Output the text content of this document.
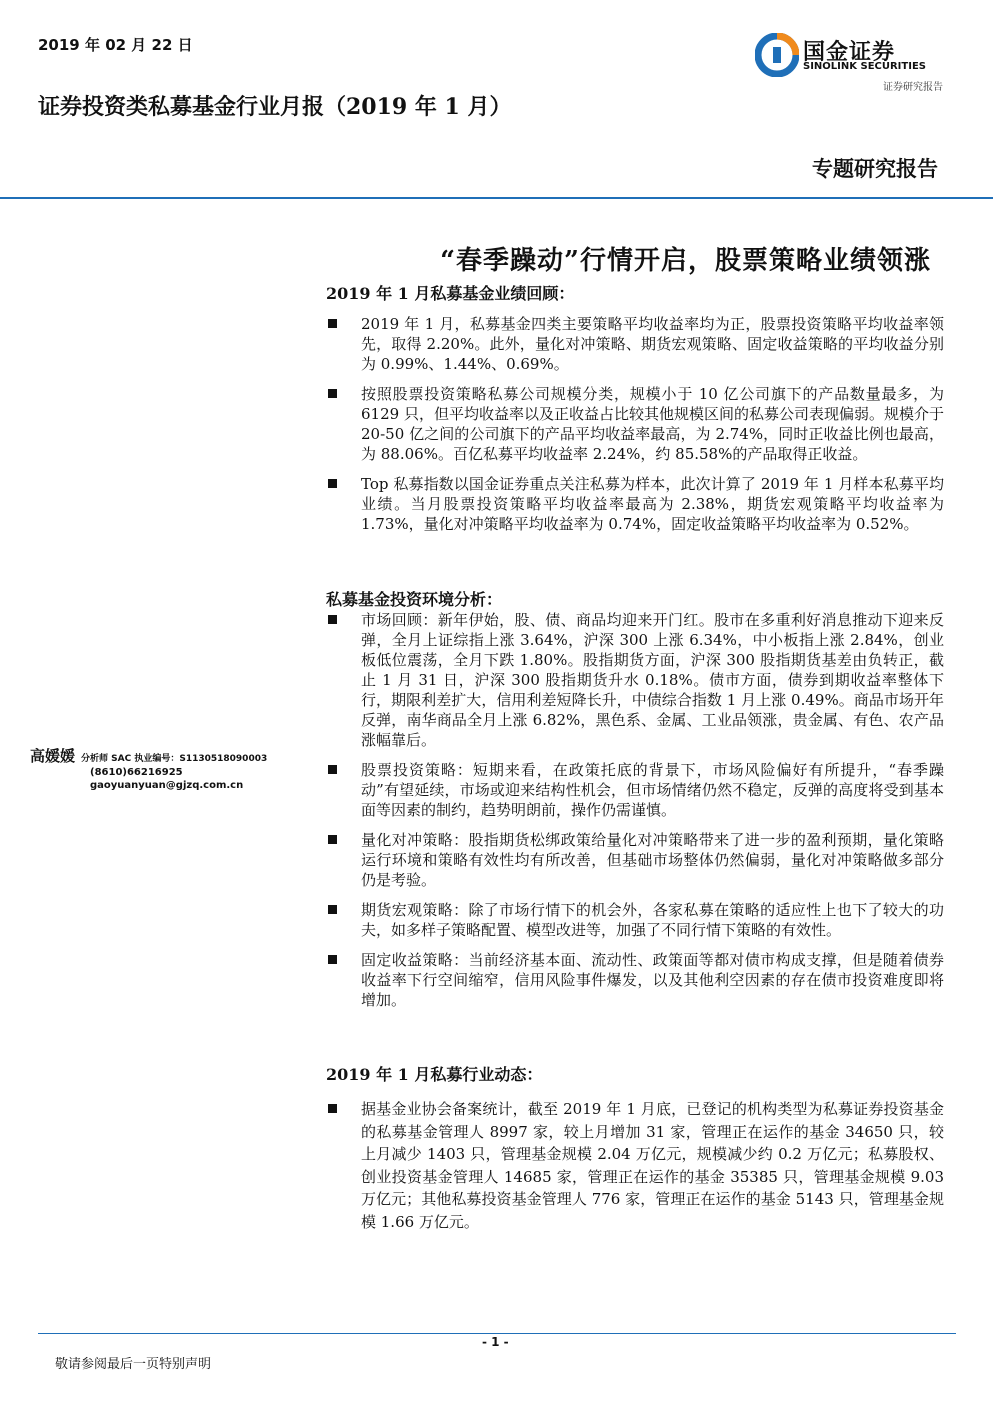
2019 年 02 月 22 日	国金证券
SINOLINK SECURITIES
证券研究报告
证券投资类私募基金行业月报（2019 年 1 月）
专题研究报告
“春季躁动”行情开启，股票策略业绩领涨
2019 年 1 月私募基金业绩回顾：
2019 年 1 月，私募基金四类主要策略平均收益率均为正，股票投资策略平均收益率领先，取得 2.20%。此外，量化对冲策略、期货宏观策略、固定收益策略的平均收益分别为 0.99%、1.44%、0.69%。
按照股票投资策略私募公司规模分类，规模小于 10 亿公司旗下的产品数量最多，为 6129 只，但平均收益率以及正收益占比较其他规模区间的私募公司表现偏弱。规模介于 20-50 亿之间的公司旗下的产品平均收益率最高，为 2.74%，同时正收益比例也最高，为 88.06%。百亿私募平均收益率 2.24%，约 85.58%的产品取得正收益。
Top 私募指数以国金证券重点关注私募为样本，此次计算了 2019 年 1 月样本私募平均业绩。当月股票投资策略平均收益率最高为 2.38%，期货宏观策略平均收益率为 1.73%，量化对冲策略平均收益率为 0.74%，固定收益策略平均收益率为 0.52%。
私募基金投资环境分析：
市场回顾：新年伊始，股、债、商品均迎来开门红。股市在多重利好消息推动下迎来反弹，全月上证综指上涨 3.64%，沪深 300 上涨 6.34%，中小板指上涨 2.84%，创业板低位震荡，全月下跌 1.80%。股指期货方面，沪深 300 股指期货基差由负转正，截止 1 月 31 日，沪深 300 股指期货升水 0.18%。债市方面，债券到期收益率整体下行，期限利差扩大，信用利差短降长升，中债综合指数 1 月上涨 0.49%。商品市场开年反弹，南华商品全月上涨 6.82%，黑色系、金属、工业品领涨，贵金属、有色、农产品涨幅靠后。
股票投资策略：短期来看，在政策托底的背景下，市场风险偏好有所提升，“春季躁动”有望延续，市场或迎来结构性机会，但市场情绪仍然不稳定，反弹的高度将受到基本面等因素的制约，趋势明朗前，操作仍需谨慎。
量化对冲策略：股指期货松绑政策给量化对冲策略带来了进一步的盈利预期，量化策略运行环境和策略有效性均有所改善，但基础市场整体仍然偏弱，量化对冲策略做多部分仍是考验。
期货宏观策略：除了市场行情下的机会外，各家私募在策略的适应性上也下了较大的功夫，如多样子策略配置、模型改进等，加强了不同行情下策略的有效性。
固定收益策略：当前经济基本面、流动性、政策面等都对债市构成支撑，但是随着债券收益率下行空间缩窄，信用风险事件爆发，以及其他利空因素的存在债市投资难度即将增加。
2019 年 1 月私募行业动态：
据基金业协会备案统计，截至 2019 年 1 月底，已登记的机构类型为私募证券投资基金的私募基金管理人 8997 家，较上月增加 31 家，管理正在运作的基金 34650 只，较上月减少 1403 只，管理基金规模 2.04 万亿元，规模减少约 0.2 万亿元；私募股权、创业投资基金管理人 14685 家，管理正在运作的基金 35385 只，管理基金规模 9.03 万亿元；其他私募投资基金管理人 776 家，管理正在运作的基金 5143 只，管理基金规模 1.66 万亿元。
高媛媛 分析师 SAC 执业编号：S1130518090003
(8610)66216925
gaoyuanyuan@gjzq.com.cn
- 1 -
敬请参阅最后一页特别声明
